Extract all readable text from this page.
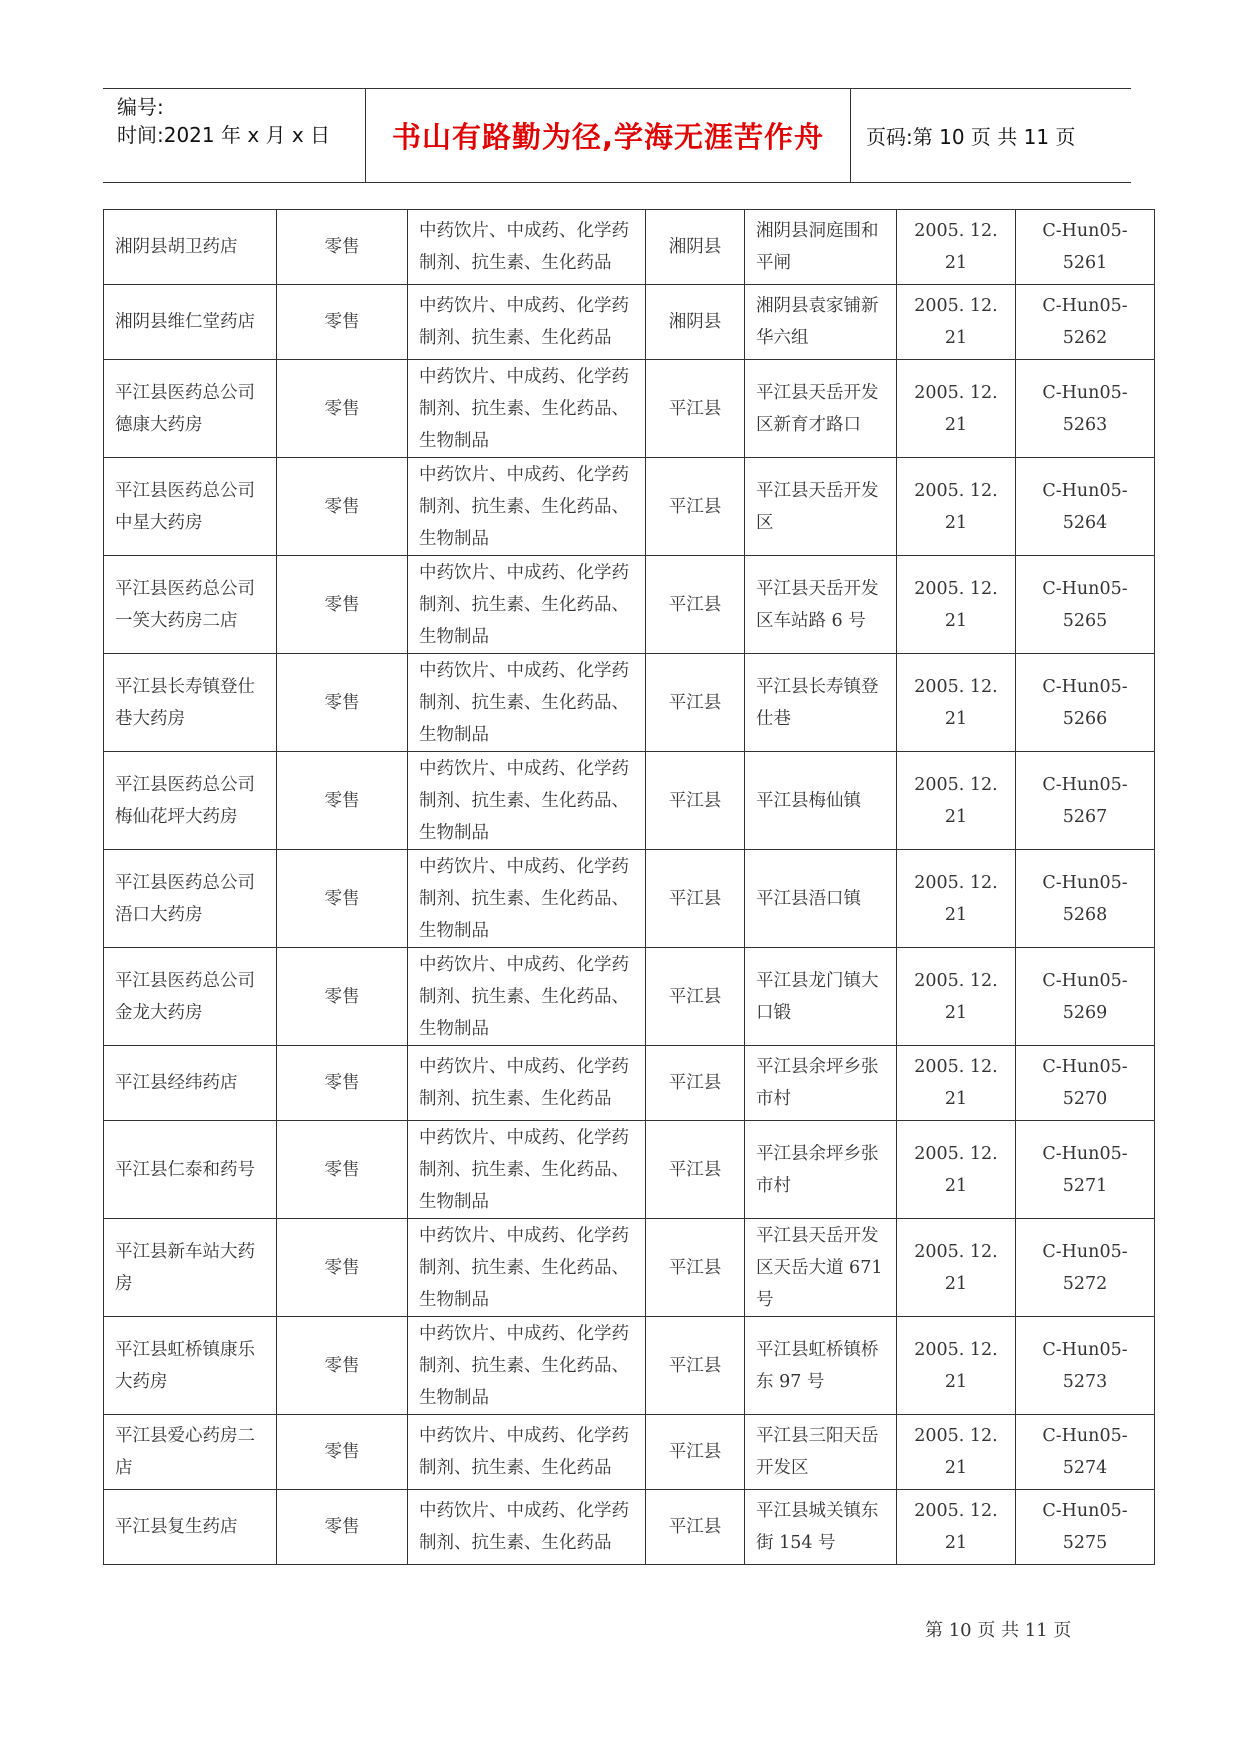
编号:
时间:2021 年 x 月 x 日 书山有路勤为径,学海无涯苦作舟 页码:第 10 页 共 11 页
湘阴县胡卫药店	零售	中药饮片、中成药、化学药制剂、抗生素、生化药品	湘阴县	湘阴县洞庭围和平闸	2005. 12. 21	C-Hun05-5261
湘阴县维仁堂药店	零售	中药饮片、中成药、化学药制剂、抗生素、生化药品	湘阴县	湘阴县袁家铺新华六组	2005. 12. 21	C-Hun05-5262
平江县医药总公司德康大药房	零售	中药饮片、中成药、化学药制剂、抗生素、生化药品、生物制品	平江县	平江县天岳开发区新育才路口	2005. 12. 21	C-Hun05-5263
平江县医药总公司中星大药房	零售	中药饮片、中成药、化学药制剂、抗生素、生化药品、生物制品	平江县	平江县天岳开发区	2005. 12. 21	C-Hun05-5264
平江县医药总公司一笑大药房二店	零售	中药饮片、中成药、化学药制剂、抗生素、生化药品、生物制品	平江县	平江县天岳开发区车站路 6 号	2005. 12. 21	C-Hun05-5265
平江县长寿镇登仕巷大药房	零售	中药饮片、中成药、化学药制剂、抗生素、生化药品、生物制品	平江县	平江县长寿镇登仕巷	2005. 12. 21	C-Hun05-5266
平江县医药总公司梅仙花坪大药房	零售	中药饮片、中成药、化学药制剂、抗生素、生化药品、生物制品	平江县	平江县梅仙镇	2005. 12. 21	C-Hun05-5267
平江县医药总公司浯口大药房	零售	中药饮片、中成药、化学药制剂、抗生素、生化药品、生物制品	平江县	平江县浯口镇	2005. 12. 21	C-Hun05-5268
平江县医药总公司金龙大药房	零售	中药饮片、中成药、化学药制剂、抗生素、生化药品、生物制品	平江县	平江县龙门镇大口锻	2005. 12. 21	C-Hun05-5269
平江县经纬药店	零售	中药饮片、中成药、化学药制剂、抗生素、生化药品	平江县	平江县余坪乡张市村	2005. 12. 21	C-Hun05-5270
平江县仁泰和药号	零售	中药饮片、中成药、化学药制剂、抗生素、生化药品、生物制品	平江县	平江县余坪乡张市村	2005. 12. 21	C-Hun05-5271
平江县新车站大药房	零售	中药饮片、中成药、化学药制剂、抗生素、生化药品、生物制品	平江县	平江县天岳开发区天岳大道 671 号	2005. 12. 21	C-Hun05-5272
平江县虹桥镇康乐大药房	零售	中药饮片、中成药、化学药制剂、抗生素、生化药品、生物制品	平江县	平江县虹桥镇桥东 97 号	2005. 12. 21	C-Hun05-5273
平江县爱心药房二店	零售	中药饮片、中成药、化学药制剂、抗生素、生化药品	平江县	平江县三阳天岳开发区	2005. 12. 21	C-Hun05-5274
平江县复生药店	零售	中药饮片、中成药、化学药制剂、抗生素、生化药品	平江县	平江县城关镇东街 154 号	2005. 12. 21	C-Hun05-5275
第 10 页 共 11 页
